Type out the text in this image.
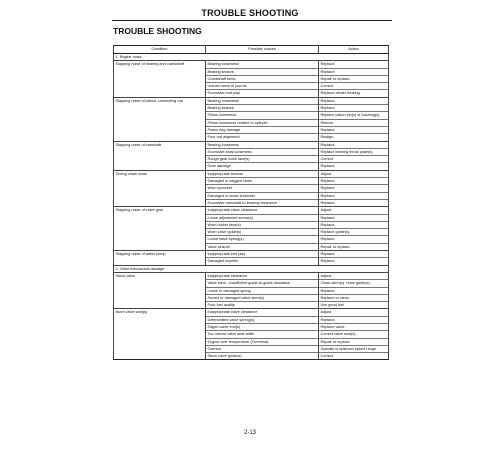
TROUBLE SHOOTING
TROUBLE SHOOTING
Condition	Possible causes	Action
1. Engine noise		
Slapping noise of bearing and crankshaft	Bearing looseness	Replace.
	Bearing seizure	Replace.
	Crankshaft bend	Repair or replace.
	Uneven wear of journal	Correct.
	Excessive end play	Replace center bearing.
Slapping noise of piston, connecting rod	Bearing looseness	Replace.
	Bearing seizure	Replace.
	Piston looseness	Replace piston pin(s) or bushing(s).
	Piston looseness relative to cylinder	Rebore.
	Piston ring damage	Replace.
	Poor rod alignment	Realign.
Slapping noise of camshaft	Bearing looseness	Replace.
	Excessive axial looseness	Replace bearing thrust plate(s).
	Rough gear tooth face(s)	Correct.
	Gear damage	Replace.
Timing chain noise	Inappropriate tension	Adjust.
	Damaged or sagged chain	Replace.
	Worn sprocket	Replace.
	Damaged or loose tensioner	Replace.
	Excessive camshaft-to-bearing clearance	Replace.
Slapping noise of valve gear	Inappropriate valve clearance	Adjust.
	Loose adjustment screw(s)	Replace.
	Worn rocker face(s)	Replace.
	Worn valve guide(s)	Replace guide(s).
	Loose valve spring(s)	Replace.
	Valve seizure	Repair or replace.
Slapping noise of water pump	Inappropriate end play	Replace.
	Damaged impeller	Replace.
2. Other mechanical damage		
Stuck valve	Inappropriate clearance	Adjust.
	Valve stem - insufficient guide-to-guide clearance	Clean stem(s), ream guide(s).
	Loose or damaged spring	Replace.
	Seized or damaged valve stem(s)	Replace or clean.
	Poor fuel quality	Use good fuel.
Burnt valve seat(s)	Inappropriate valve clearance	Adjust.
	Deteriorated valve spring(s)	Replace.
	Edged valve end(s)	Replace valve.
	Too narrow valve seat width	Correct valve seat(s).
	Engine over temperature (Overheat)	Repair or replace.
	Overrun	Operate in optimum speed range.
	Stuck valve guide(s)	Correct.
2-13
